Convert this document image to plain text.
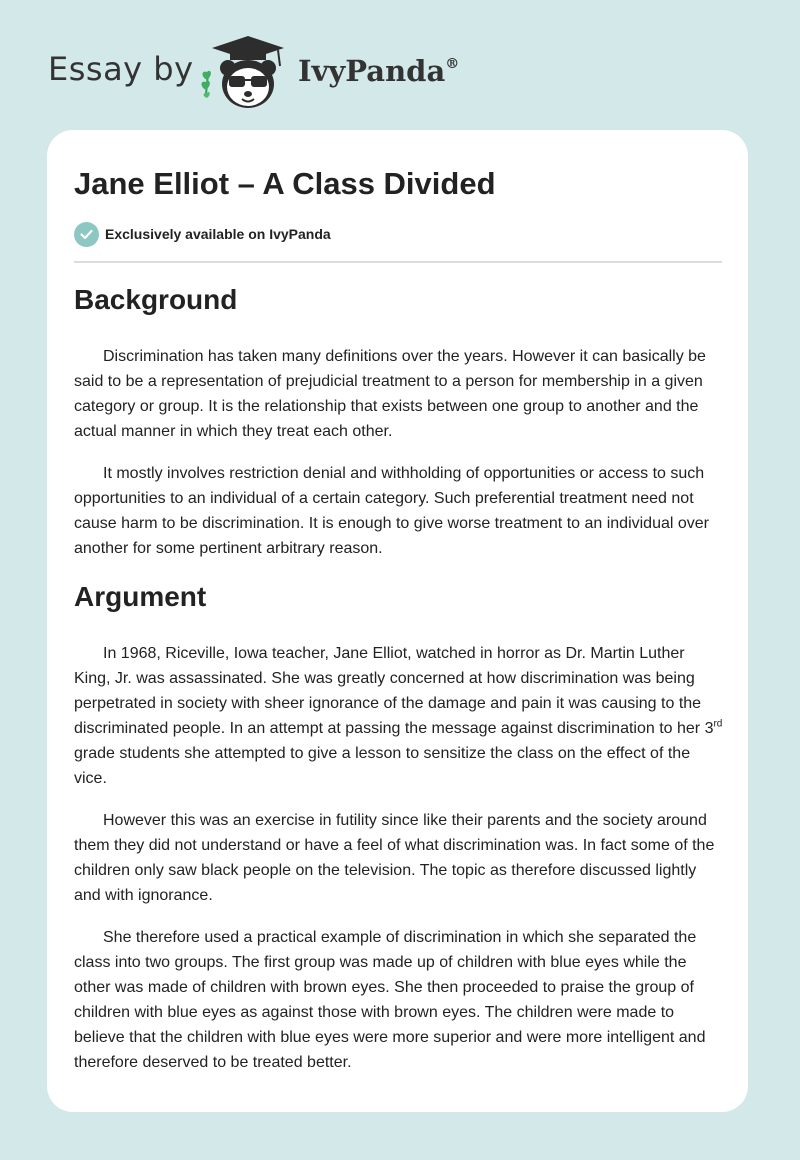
Essay by	IvyPanda®
Jane Elliot – A Class Divided
Exclusively available on IvyPanda
Background

Discrimination has taken many definitions over the years. However it can basically be said to be a representation of prejudicial treatment to a person for membership in a given category or group. It is the relationship that exists between one group to another and the actual manner in which they treat each other.

It mostly involves restriction denial and withholding of opportunities or access to such opportunities to an individual of a certain category. Such preferential treatment need not cause harm to be discrimination. It is enough to give worse treatment to an individual over another for some pertinent arbitrary reason.

Argument

In 1968, Riceville, Iowa teacher, Jane Elliot, watched in horror as Dr. Martin Luther King, Jr. was assassinated. She was greatly concerned at how discrimination was being perpetrated in society with sheer ignorance of the damage and pain it was causing to the discriminated people. In an attempt at passing the message against discrimination to her 3rd grade students she attempted to give a lesson to sensitize the class on the effect of the vice.

However this was an exercise in futility since like their parents and the society around them they did not understand or have a feel of what discrimination was. In fact some of the children only saw black people on the television. The topic as therefore discussed lightly and with ignorance.

She therefore used a practical example of discrimination in which she separated the class into two groups. The first group was made up of children with blue eyes while the other was made of children with brown eyes. She then proceeded to praise the group of children with blue eyes as against those with brown eyes. The children were made to believe that the children with blue eyes were more superior and were more intelligent and therefore deserved to be treated better.
